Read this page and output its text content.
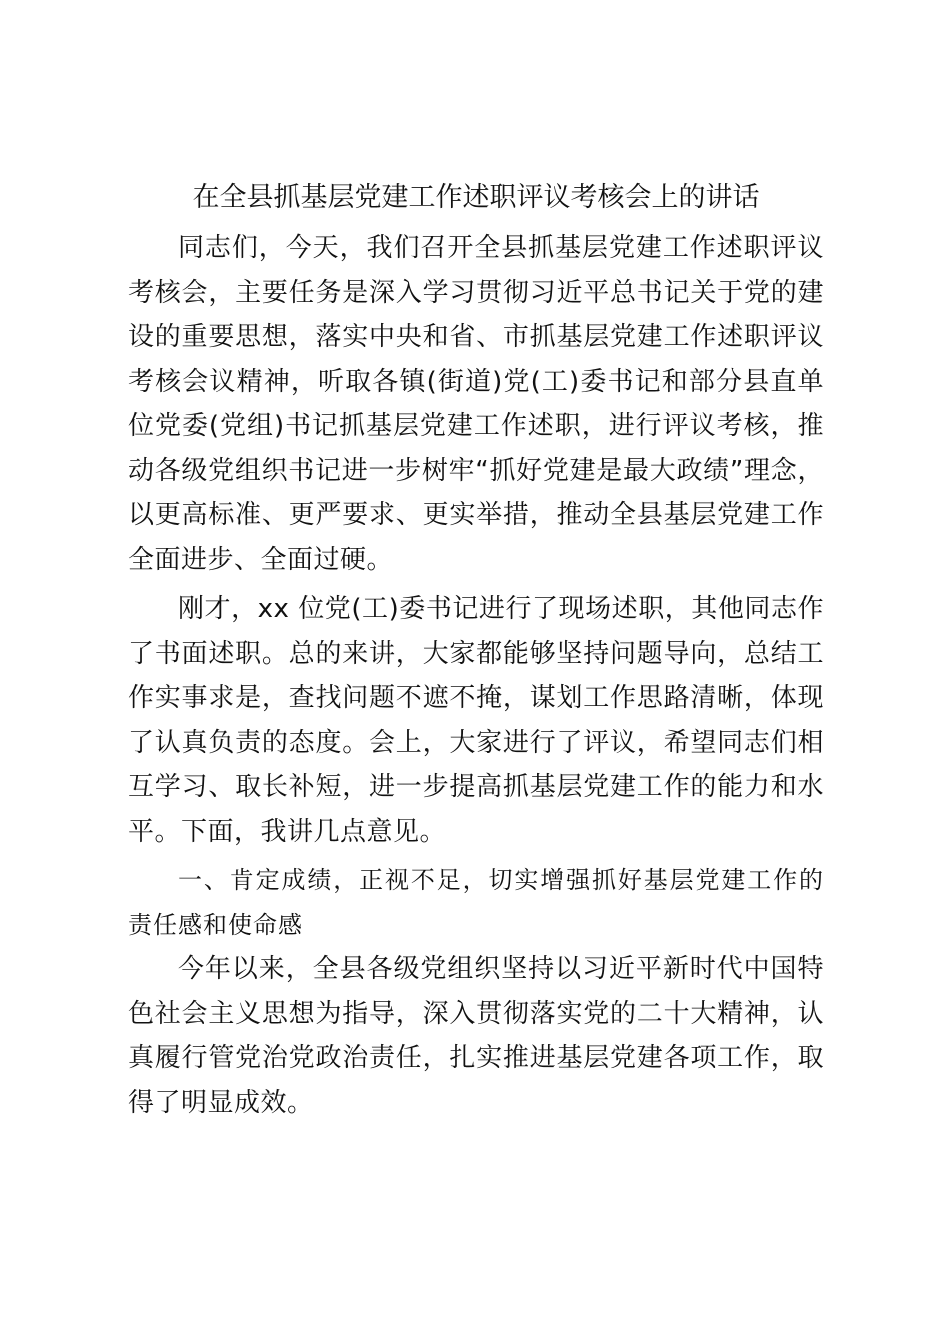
在全县抓基层党建工作述职评议考核会上的讲话

同志们，今天，我们召开全县抓基层党建工作述职评议考核会，主要任务是深入学习贯彻习近平总书记关于党的建设的重要思想，落实中央和省、市抓基层党建工作述职评议考核会议精神，听取各镇(街道)党(工)委书记和部分县直单位党委(党组)书记抓基层党建工作述职，进行评议考核，推动各级党组织书记进一步树牢“抓好党建是最大政绩”理念，以更高标准、更严要求、更实举措，推动全县基层党建工作全面进步、全面过硬。

刚才，xx 位党(工)委书记进行了现场述职，其他同志作了书面述职。总的来讲，大家都能够坚持问题导向，总结工作实事求是，查找问题不遮不掩，谋划工作思路清晰，体现了认真负责的态度。会上，大家进行了评议，希望同志们相互学习、取长补短，进一步提高抓基层党建工作的能力和水平。下面，我讲几点意见。

一、肯定成绩，正视不足，切实增强抓好基层党建工作的责任感和使命感

今年以来，全县各级党组织坚持以习近平新时代中国特色社会主义思想为指导，深入贯彻落实党的二十大精神，认真履行管党治党政治责任，扎实推进基层党建各项工作，取得了明显成效。
